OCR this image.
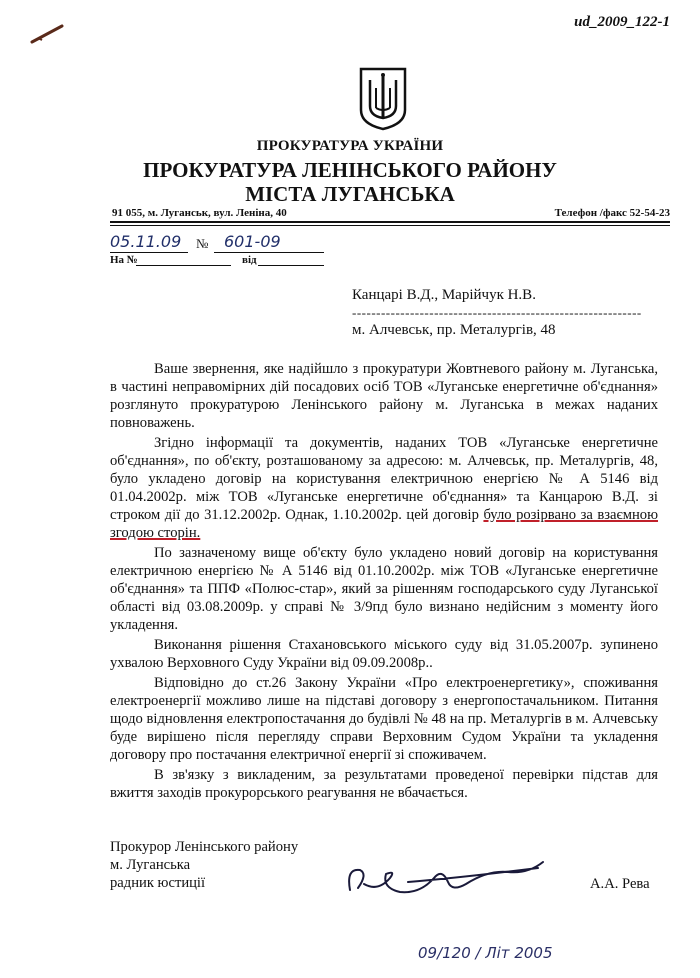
ud_2009_122-1
ПРОКУРАТУРА УКРАЇНИ
ПРОКУРАТУРА ЛЕНІНСЬКОГО РАЙОНУ
МІСТА ЛУГАНСЬКА
91 055, м. Луганськ, вул. Леніна, 40	Телефон /факс 52-54-23
05.11.09 № 601-09
На №	від
Канцарі В.Д., Марійчук Н.В.
------------------------------------------------------------
м. Алчевськ, пр. Металургів, 48

Ваше звернення, яке надійшло з прокуратури Жовтневого району м. Луганська, в частині неправомірних дій посадових осіб ТОВ «Луганське енергетичне об'єднання» розглянуто прокуратурою Ленінського району м. Луганська в межах наданих повноважень.

Згідно інформації та документів, наданих ТОВ «Луганське енергетичне об'єднання», по об'єкту, розташованому за адресою: м. Алчевськ, пр. Металургів, 48, було укладено договір на користування електричною енергією № А 5146 від 01.04.2002р. між ТОВ «Луганське енергетичне об'єднання» та Канцарою В.Д. зі строком дії до 31.12.2002р. Однак, 1.10.2002р. цей договір було розірвано за взаємною згодою сторін.

По зазначеному вище об'єкту було укладено новий договір на користування електричною енергією № А 5146 від 01.10.2002р. між ТОВ «Луганське енергетичне об'єднання» та ППФ «Полюс-стар», який за рішенням господарського суду Луганської області від 03.08.2009р. у справі № 3/9пд було визнано недійсним з моменту його укладення.

Виконання рішення Стахановського міського суду від 31.05.2007р. зупинено ухвалою Верховного Суду України від 09.09.2008р..

Відповідно до ст.26 Закону України «Про електроенергетику», споживання електроенергії можливо лише на підставі договору з енергопостачальником. Питання щодо відновлення електропостачання до будівлі № 48 на пр. Металургів в м. Алчевську буде вирішено після перегляду справи Верховним Судом України та укладення договору про постачання електричної енергії зі споживачем.

В зв'язку з викладеним, за результатами проведеної перевірки підстав для вжиття заходів прокурорського реагування не вбачається.

Прокурор Ленінського району
м. Луганська
радник юстиції	А.А. Рева
09/120 / Літ 2005
